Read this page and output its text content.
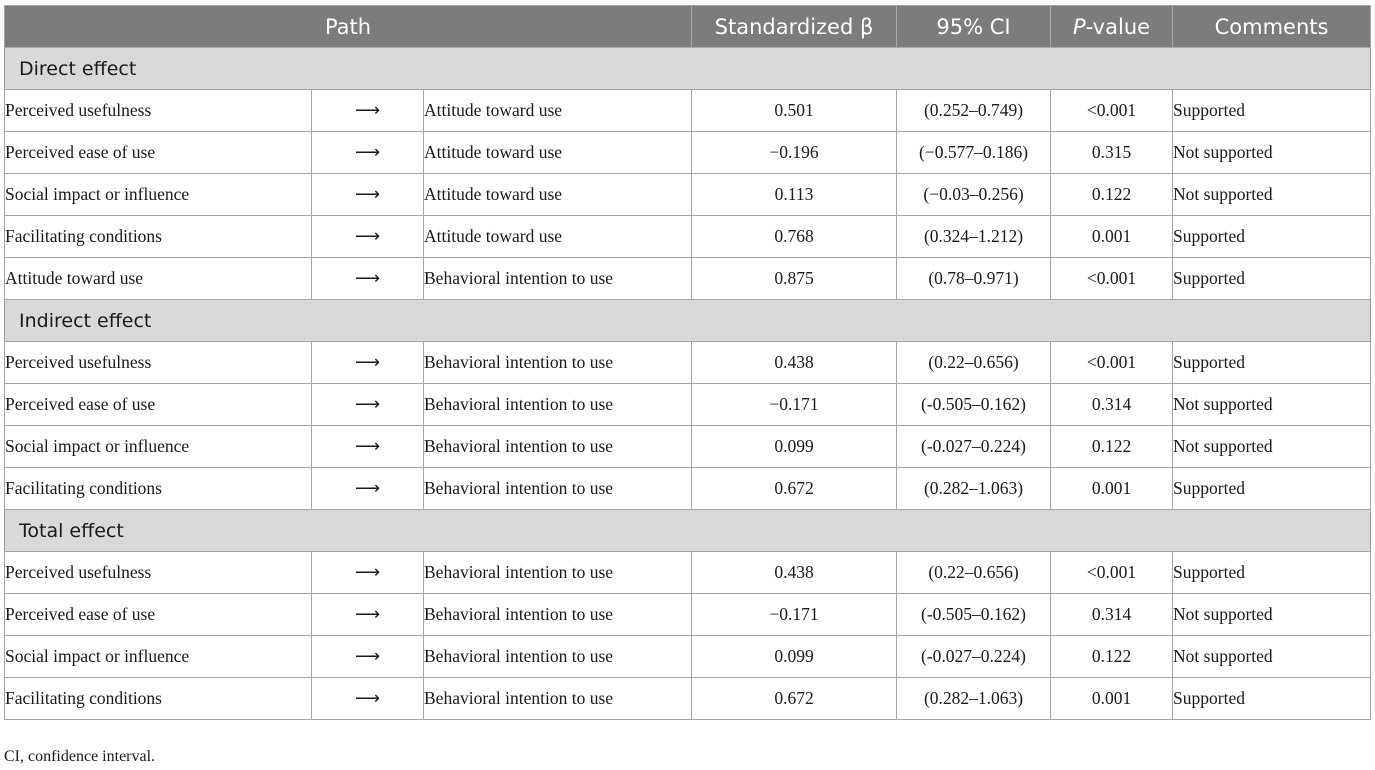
Path			Standardized β	95% CI	P-value	Comments
Direct effect						
Perceived usefulness	⟶	Attitude toward use	0.501	(0.252–0.749)	<0.001	Supported
Perceived ease of use	⟶	Attitude toward use	−0.196	(−0.577–0.186)	0.315	Not supported
Social impact or influence	⟶	Attitude toward use	0.113	(−0.03–0.256)	0.122	Not supported
Facilitating conditions	⟶	Attitude toward use	0.768	(0.324–1.212)	0.001	Supported
Attitude toward use	⟶	Behavioral intention to use	0.875	(0.78–0.971)	<0.001	Supported
Indirect effect						
Perceived usefulness	⟶	Behavioral intention to use	0.438	(0.22–0.656)	<0.001	Supported
Perceived ease of use	⟶	Behavioral intention to use	−0.171	(-0.505–0.162)	0.314	Not supported
Social impact or influence	⟶	Behavioral intention to use	0.099	(-0.027–0.224)	0.122	Not supported
Facilitating conditions	⟶	Behavioral intention to use	0.672	(0.282–1.063)	0.001	Supported
Total effect						
Perceived usefulness	⟶	Behavioral intention to use	0.438	(0.22–0.656)	<0.001	Supported
Perceived ease of use	⟶	Behavioral intention to use	−0.171	(-0.505–0.162)	0.314	Not supported
Social impact or influence	⟶	Behavioral intention to use	0.099	(-0.027–0.224)	0.122	Not supported
Facilitating conditions	⟶	Behavioral intention to use	0.672	(0.282–1.063)	0.001	Supported
CI, confidence interval.
